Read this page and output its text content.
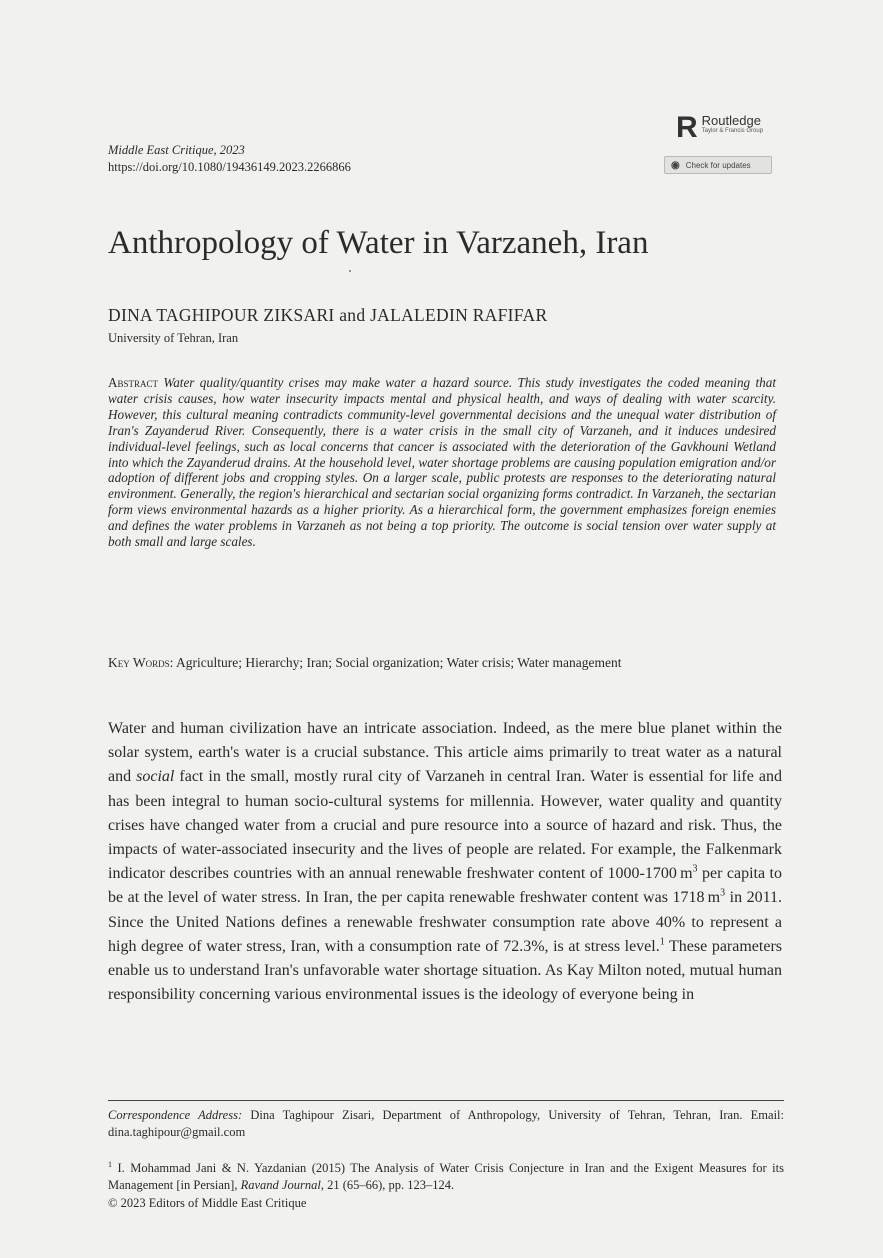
Middle East Critique, 2023
https://doi.org/10.1080/19436149.2023.2266866
R Routledge
Taylor & Francis Group
◉ Check for updates
Anthropology of Water in Varzaneh, Iran
DINA TAGHIPOUR ZIKSARI and JALALEDIN RAFIFAR
University of Tehran, Iran
Abstract Water quality/quantity crises may make water a hazard source. This study investigates the coded meaning that water crisis causes, how water insecurity impacts mental and physical health, and ways of dealing with water scarcity. However, this cultural meaning contradicts community-level governmental decisions and the unequal water distribution of Iran's Zayanderud River. Consequently, there is a water crisis in the small city of Varzaneh, and it induces undesired individual-level feelings, such as local concerns that cancer is associated with the deterioration of the Gavkhouni Wetland into which the Zayanderud drains. At the household level, water shortage problems are causing population emigration and/or adoption of different jobs and cropping styles. On a larger scale, public protests are responses to the deteriorating natural environment. Generally, the region's hierarchical and sectarian social organizing forms contradict. In Varzaneh, the sectarian form views environmental hazards as a higher priority. As a hierarchical form, the government emphasizes foreign enemies and defines the water problems in Varzaneh as not being a top priority. The outcome is social tension over water supply at both small and large scales.
Key Words: Agriculture; Hierarchy; Iran; Social organization; Water crisis; Water management
Water and human civilization have an intricate association. Indeed, as the mere blue planet within the solar system, earth's water is a crucial substance. This article aims primarily to treat water as a natural and social fact in the small, mostly rural city of Varzaneh in central Iran. Water is essential for life and has been integral to human socio-cultural systems for millennia. However, water quality and quantity crises have changed water from a crucial and pure resource into a source of hazard and risk. Thus, the impacts of water-associated insecurity and the lives of people are related. For example, the Falkenmark indicator describes countries with an annual renewable freshwater content of 1000-1700 $m^3$ per capita to be at the level of water stress. In Iran, the per capita renewable freshwater content was 1718 $m^3$ in 2011. Since the United Nations defines a renewable freshwater consumption rate above 40% to represent a high degree of water stress, Iran, with a consumption rate of 72.3%, is at stress level.$^1$ These parameters enable us to understand Iran's unfavorable water shortage situation. As Kay Milton noted, mutual human responsibility concerning various environmental issues is the ideology of everyone being in
Correspondence Address: Dina Taghipour Zisari, Department of Anthropology, University of Tehran, Tehran, Iran. Email: dina.taghipour@gmail.com
$^1$ I. Mohammad Jani & N. Yazdanian (2015) The Analysis of Water Crisis Conjecture in Iran and the Exigent Measures for its Management [in Persian], Ravand Journal, 21 (65–66), pp. 123–124.
© 2023 Editors of Middle East Critique
